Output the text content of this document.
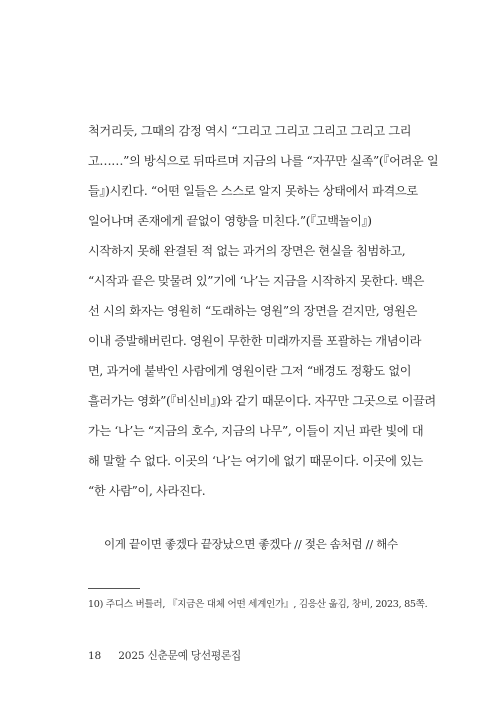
척거리듯, 그때의 감정 역시 “그리고 그리고 그리고 그리고 그리
고……”의 방식으로 뒤따르며 지금의 나를 “자꾸만 실족”(『어려운 일
들』)시킨다. “어떤 일들은 스스로 알지 못하는 상태에서 파격으로
일어나며 존재에게 끝없이 영향을 미친다.”(『고백놀이』)
시작하지 못해 완결된 적 없는 과거의 장면은 현실을 침범하고,
“시작과 끝은 맞물려 있”기에 ‘나’는 지금을 시작하지 못한다. 백은
선 시의 화자는 영원히 “도래하는 영원”의 장면을 걷지만, 영원은
이내 증발해버린다. 영원이 무한한 미래까지를 포괄하는 개념이라
면, 과거에 붙박인 사람에게 영원이란 그저 “배경도 정황도 없이
흘러가는 영화”(『비신비』)와 같기 때문이다. 자꾸만 그곳으로 이끌려
가는 ‘나’는 “지금의 호수, 지금의 나무”, 이들이 지닌 파란 빛에 대
해 말할 수 없다. 이곳의 ‘나’는 여기에 없기 때문이다. 이곳에 있는
“한 사람”이, 사라진다.
이게 끝이면 좋겠다 끝장났으면 좋겠다 // 젖은 솜처럼 // 해수
10) 주디스 버틀러, 『지금은 대체 어떤 세계인가』, 김응산 옮김, 창비, 2023, 85쪽.
18 2025 신춘문예 당선평론집
